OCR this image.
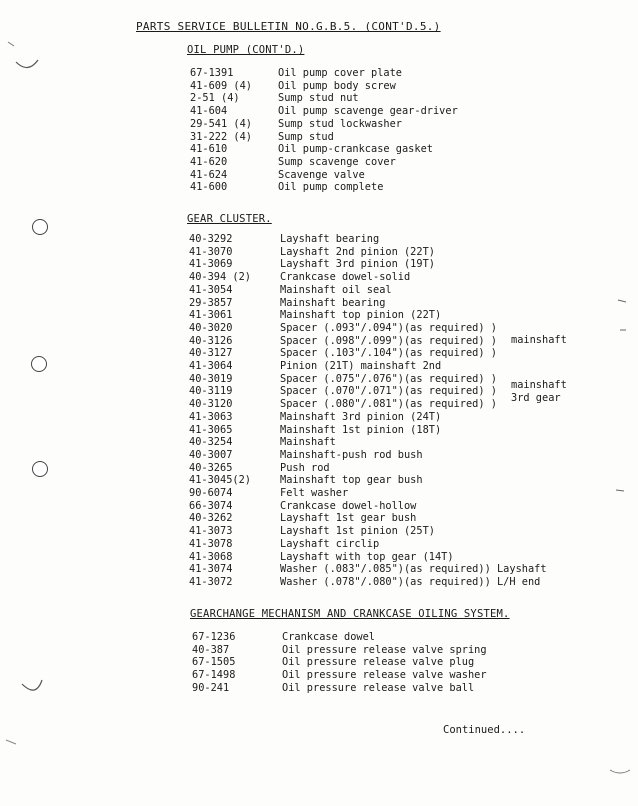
PARTS SERVICE BULLETIN NO.G.B.5. (CONT'D.5.)
OIL PUMP (CONT'D.)
67-1391	Oil pump cover plate
41-609 (4)	Oil pump body screw
2-51 (4)	Sump stud nut
41-604	Oil pump scavenge gear-driver
29-541 (4)	Sump stud lockwasher
31-222 (4)	Sump stud
41-610	Oil pump-crankcase gasket
41-620	Sump scavenge cover
41-624	Scavenge valve
41-600	Oil pump complete
GEAR CLUSTER.
40-3292	Layshaft bearing
41-3070	Layshaft 2nd pinion (22T)
41-3069	Layshaft 3rd pinion (19T)
40-394 (2)	Crankcase dowel-solid
41-3054	Mainshaft oil seal
29-3857	Mainshaft bearing
41-3061	Mainshaft top pinion (22T)
40-3020	Spacer (.093"/.094")(as required) )
40-3126	Spacer (.098"/.099")(as required) )
40-3127	Spacer (.103"/.104")(as required) )
41-3064	Pinion (21T) mainshaft 2nd
40-3019	Spacer (.075"/.076")(as required) )
40-3119	Spacer (.070"/.071")(as required) )
40-3120	Spacer (.080"/.081")(as required) )
41-3063	Mainshaft 3rd pinion (24T)
41-3065	Mainshaft 1st pinion (18T)
40-3254	Mainshaft
40-3007	Mainshaft-push rod bush
40-3265	Push rod
41-3045(2)	Mainshaft top gear bush
90-6074	Felt washer
66-3074	Crankcase dowel-hollow
40-3262	Layshaft 1st gear bush
41-3073	Layshaft 1st pinion (25T)
41-3078	Layshaft circlip
41-3068	Layshaft with top gear (14T)
41-3074	Washer (.083"/.085")(as required)) Layshaft
41-3072	Washer (.078"/.080")(as required)) L/H end
mainshaft
mainshaft
3rd gear
GEARCHANGE MECHANISM AND CRANKCASE OILING SYSTEM.
67-1236	Crankcase dowel
40-387	Oil pressure release valve spring
67-1505	Oil pressure release valve plug
67-1498	Oil pressure release valve washer
90-241	Oil pressure release valve ball
Continued....
